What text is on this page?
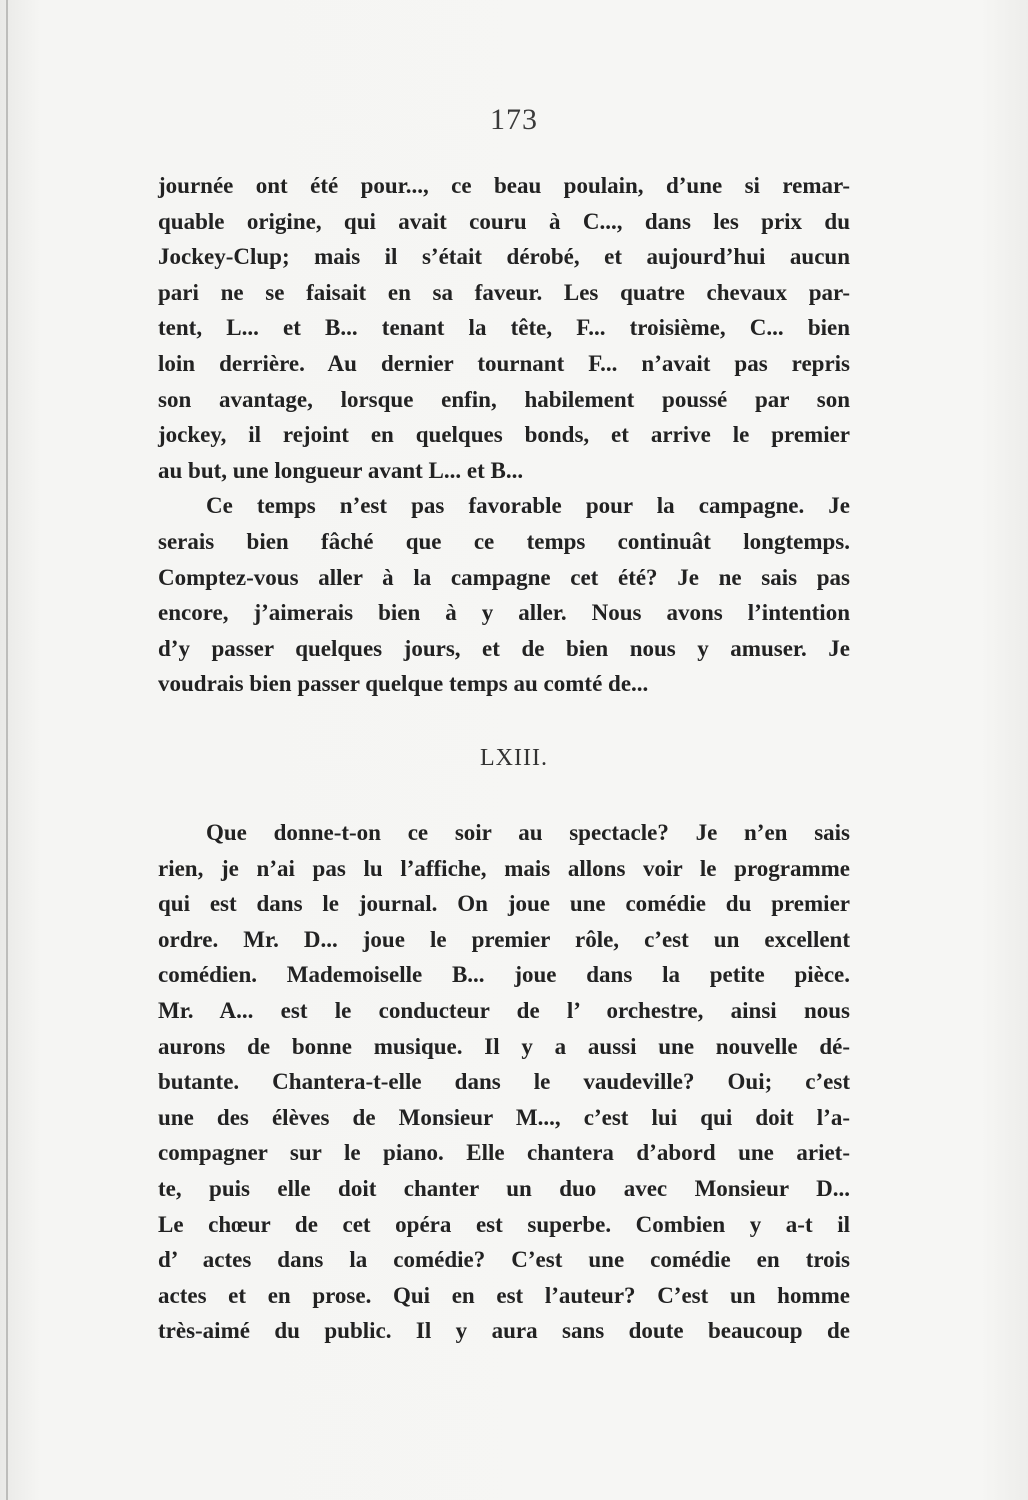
173
journée ont été pour..., ce beau poulain, d’une si remar-
quable origine, qui avait couru à C..., dans les prix du
Jockey-Clup; mais il s’était dérobé, et aujourd’hui aucun
pari ne se faisait en sa faveur. Les quatre chevaux par-
tent, L... et B... tenant la tête, F... troisième, C... bien
loin derrière. Au dernier tournant F... n’avait pas repris
son avantage, lorsque enfin, habilement poussé par son
jockey, il rejoint en quelques bonds, et arrive le premier
au but, une longueur avant L... et B...
Ce temps n’est pas favorable pour la campagne. Je
serais bien fâché que ce temps continuât longtemps.
Comptez-vous aller à la campagne cet été? Je ne sais pas
encore, j’aimerais bien à y aller. Nous avons l’intention
d’y passer quelques jours, et de bien nous y amuser. Je
voudrais bien passer quelque temps au comté de...
LXIII.
Que donne-t-on ce soir au spectacle? Je n’en sais
rien, je n’ai pas lu l’affiche, mais allons voir le programme
qui est dans le journal. On joue une comédie du premier
ordre. Mr. D... joue le premier rôle, c’est un excellent
comédien. Mademoiselle B... joue dans la petite pièce.
Mr. A... est le conducteur de l’ orchestre, ainsi nous
aurons de bonne musique. Il y a aussi une nouvelle dé-
butante. Chantera-t-elle dans le vaudeville? Oui; c’est
une des élèves de Monsieur M..., c’est lui qui doit l’a-
compagner sur le piano. Elle chantera d’abord une ariet-
te, puis elle doit chanter un duo avec Monsieur D...
Le chœur de cet opéra est superbe. Combien y a-t il
d’ actes dans la comédie? C’est une comédie en trois
actes et en prose. Qui en est l’auteur? C’est un homme
très-aimé du public. Il y aura sans doute beaucoup de
